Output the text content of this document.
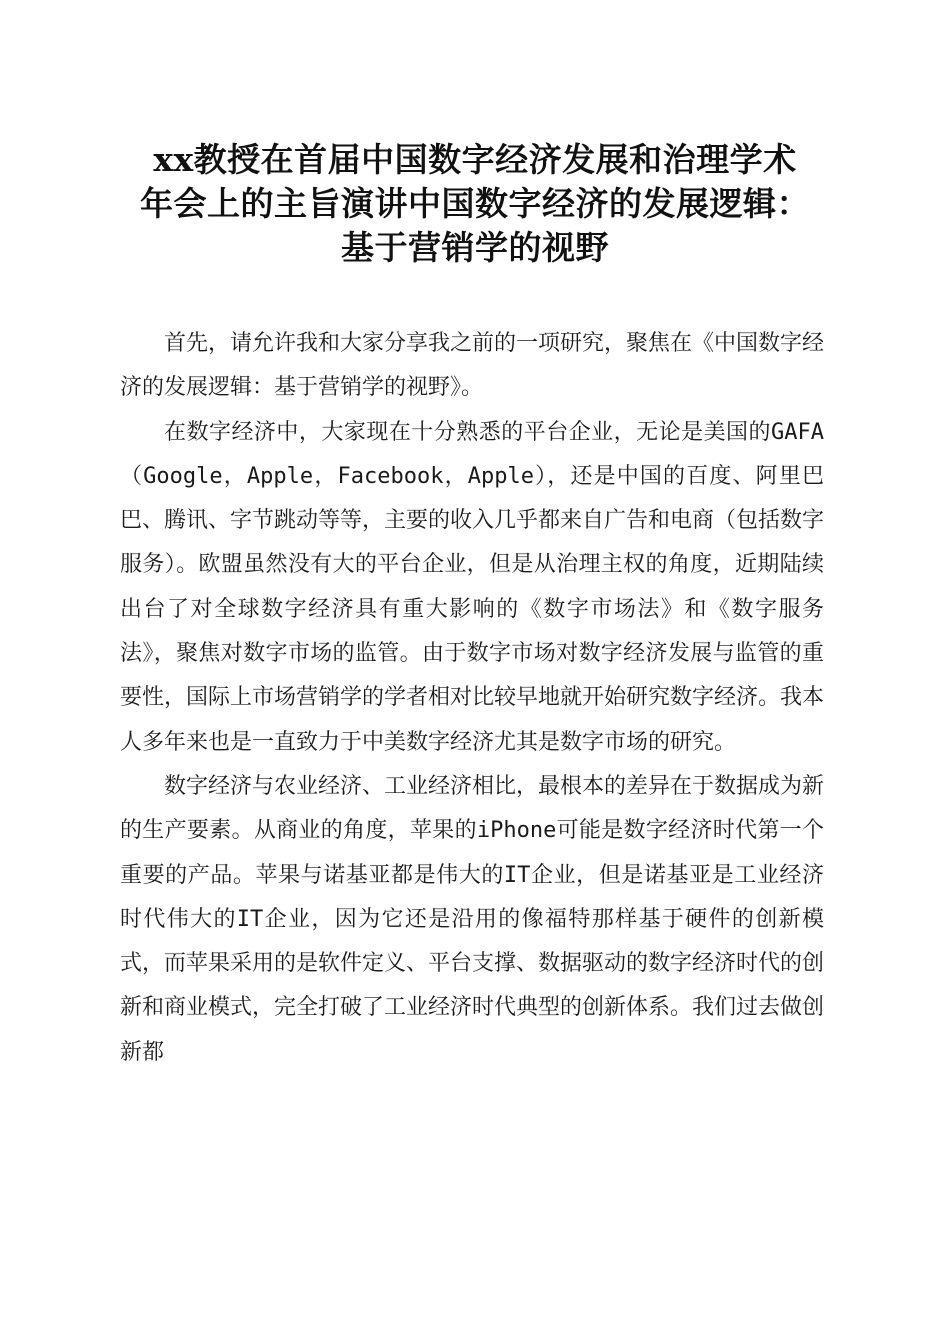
xx教授在首届中国数字经济发展和治理学术
年会上的主旨演讲中国数字经济的发展逻辑：
基于营销学的视野

首先，请允许我和大家分享我之前的一项研究，聚焦在《中国数字经济的发展逻辑：基于营销学的视野》。

在数字经济中，大家现在十分熟悉的平台企业，无论是美国的GAFA（Google，Apple，Facebook，Apple），还是中国的百度、阿里巴巴、腾讯、字节跳动等等，主要的收入几乎都来自广告和电商（包括数字服务）。欧盟虽然没有大的平台企业，但是从治理主权的角度，近期陆续出台了对全球数字经济具有重大影响的《数字市场法》和《数字服务法》，聚焦对数字市场的监管。由于数字市场对数字经济发展与监管的重要性，国际上市场营销学的学者相对比较早地就开始研究数字经济。我本人多年来也是一直致力于中美数字经济尤其是数字市场的研究。

数字经济与农业经济、工业经济相比，最根本的差异在于数据成为新的生产要素。从商业的角度，苹果的iPhone可能是数字经济时代第一个重要的产品。苹果与诺基亚都是伟大的IT企业，但是诺基亚是工业经济时代伟大的IT企业，因为它还是沿用的像福特那样基于硬件的创新模式，而苹果采用的是软件定义、平台支撑、数据驱动的数字经济时代的创新和商业模式，完全打破了工业经济时代典型的创新体系。我们过去做创新都
